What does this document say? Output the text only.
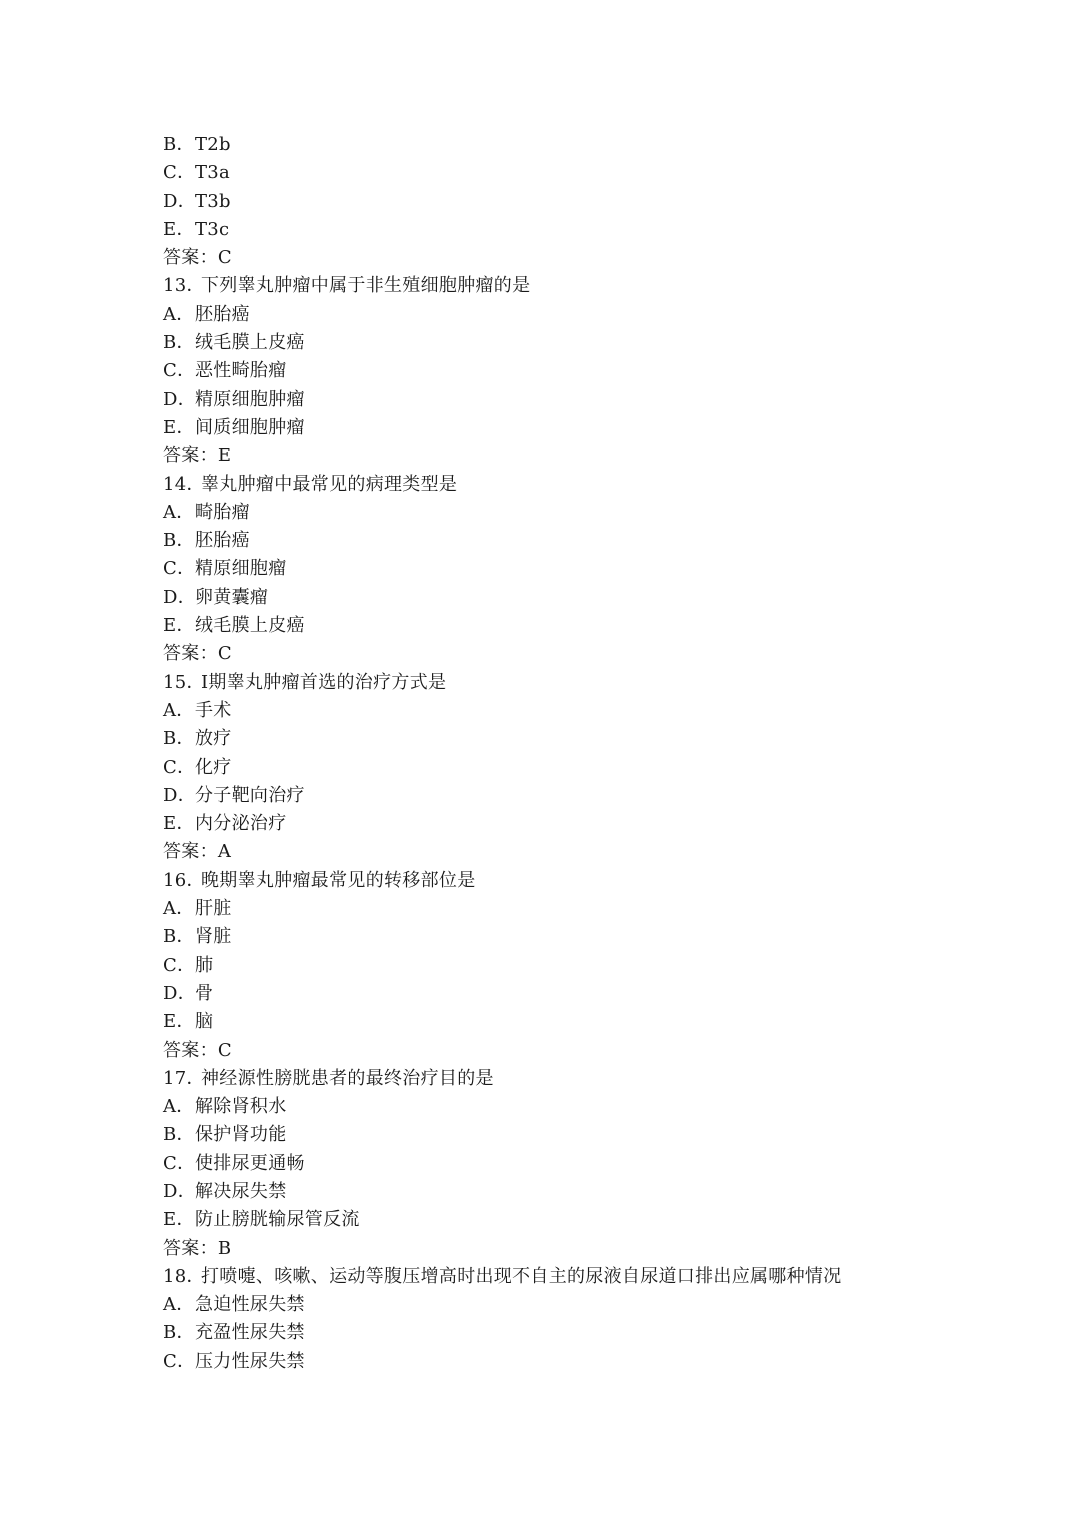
B．T2b
C．T3a
D．T3b
E．T3c
答案：C
13．下列睾丸肿瘤中属于非生殖细胞肿瘤的是
A．胚胎癌
B．绒毛膜上皮癌
C．恶性畸胎瘤
D．精原细胞肿瘤
E．间质细胞肿瘤
答案：E
14．睾丸肿瘤中最常见的病理类型是
A．畸胎瘤
B．胚胎癌
C．精原细胞瘤
D．卵黄囊瘤
E．绒毛膜上皮癌
答案：C
15．I期睾丸肿瘤首选的治疗方式是
A．手术
B．放疗
C．化疗
D．分子靶向治疗
E．内分泌治疗
答案：A
16．晚期睾丸肿瘤最常见的转移部位是
A．肝脏
B．肾脏
C．肺
D．骨
E．脑
答案：C
17．神经源性膀胱患者的最终治疗目的是
A．解除肾积水
B．保护肾功能
C．使排尿更通畅
D．解决尿失禁
E．防止膀胱输尿管反流
答案：B
18．打喷嚏、咳嗽、运动等腹压增高时出现不自主的尿液自尿道口排出应属哪种情况
A．急迫性尿失禁
B．充盈性尿失禁
C．压力性尿失禁
